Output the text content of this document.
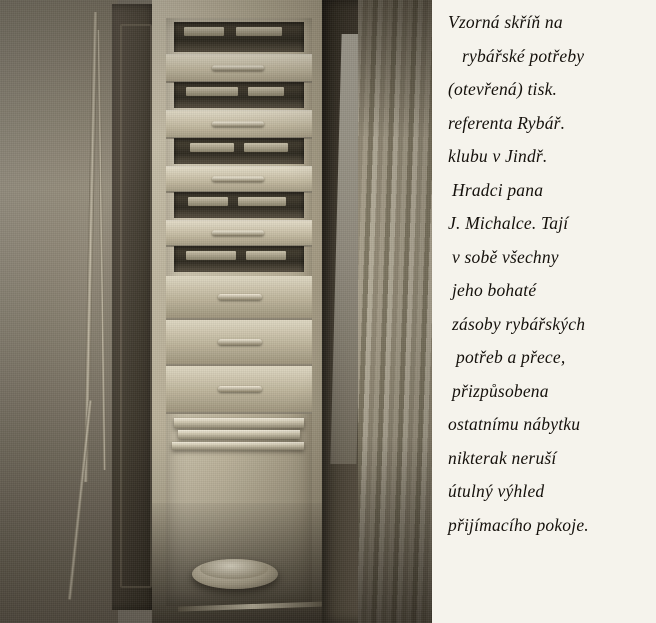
Vzorná skříň na
rybářské potřeby
(otevřená) tisk.
referenta Rybář.
klubu v Jindř.
Hradci pana
J. Michalce. Tají
v sobě všechny
jeho bohaté
zásoby rybářských
potřeb a přece,
přizpůsobena
ostatnímu nábytku
nikterak neruší
útulný výhled
přijímacího pokoje.
